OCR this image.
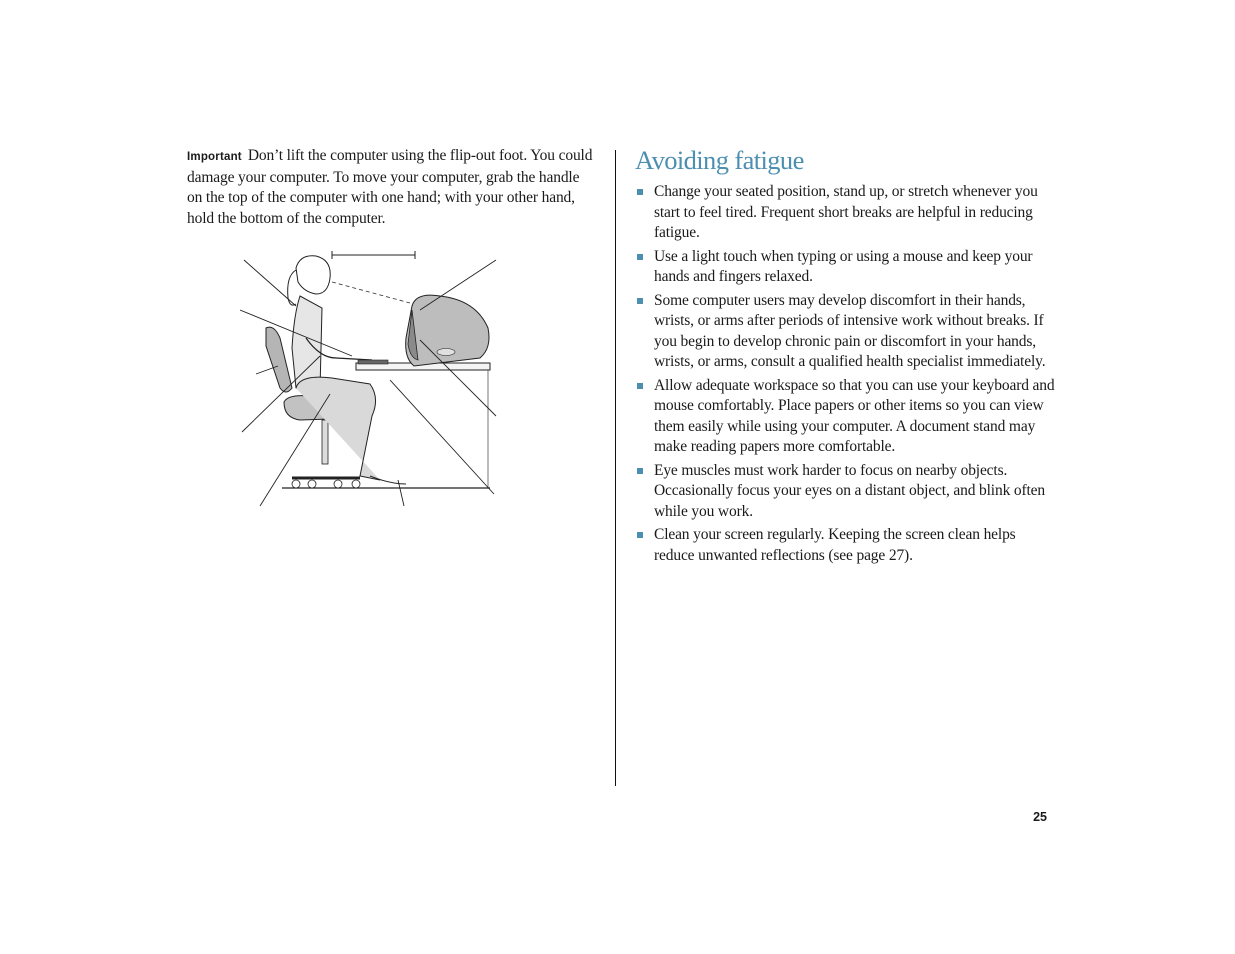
Important Don’t lift the computer using the flip-out foot. You could damage your computer. To move your computer, grab the handle on the top of the computer with one hand; with your other hand, hold the bottom of the computer.

Avoiding fatigue
Change your seated position, stand up, or stretch whenever you start to feel tired. Frequent short breaks are helpful in reducing fatigue.
Use a light touch when typing or using a mouse and keep your hands and fingers relaxed.
Some computer users may develop discomfort in their hands, wrists, or arms after periods of intensive work without breaks. If you begin to develop chronic pain or discomfort in your hands, wrists, or arms, consult a qualified health specialist immediately.
Allow adequate workspace so that you can use your keyboard and mouse comfortably. Place papers or other items so you can view them easily while using your computer. A document stand may make reading papers more comfortable.
Eye muscles must work harder to focus on nearby objects. Occasionally focus your eyes on a distant object, and blink often while you work.
Clean your screen regularly. Keeping the screen clean helps reduce unwanted reflections (see page 27).
25
